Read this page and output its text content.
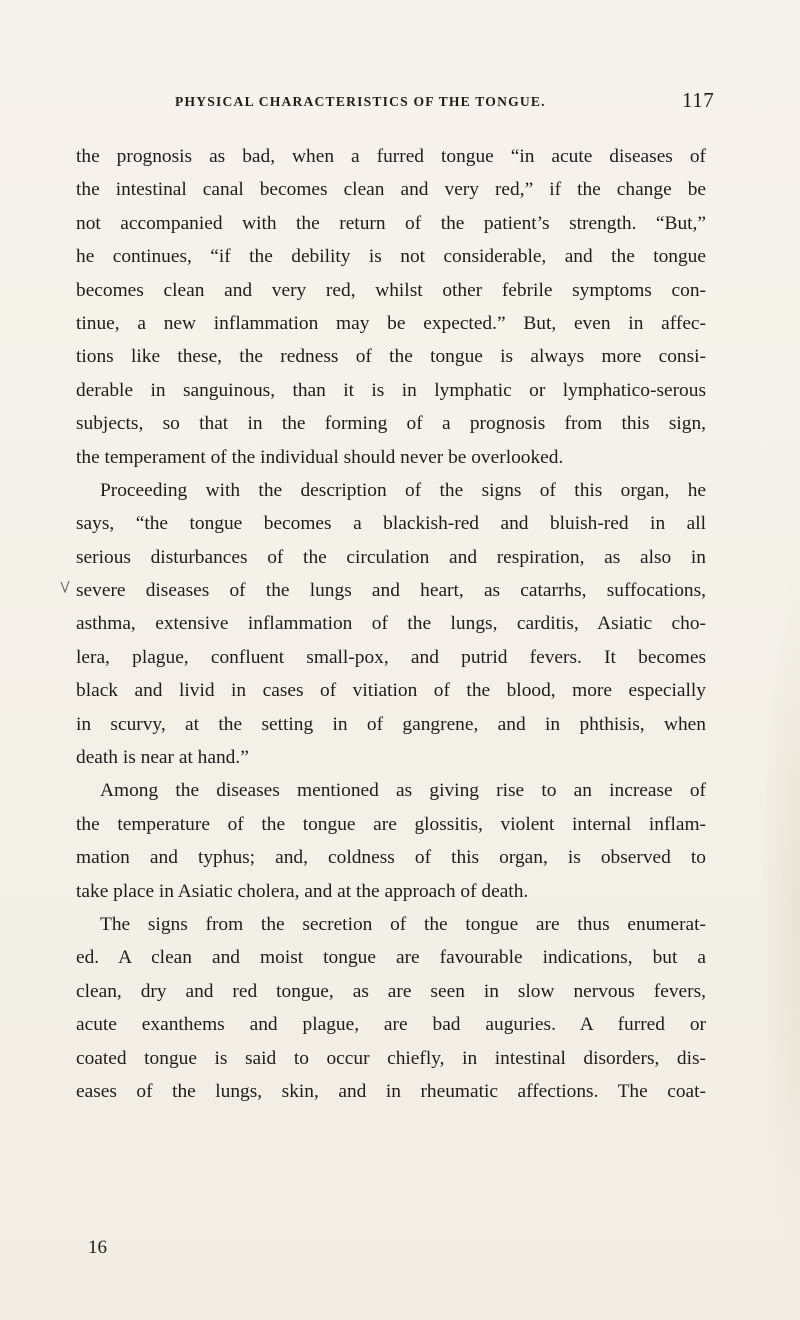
PHYSICAL CHARACTERISTICS OF THE TONGUE.	117
the prognosis as bad, when a furred tongue “in acute diseases of
the intestinal canal becomes clean and very red,” if the change be
not accompanied with the return of the patient’s strength. “But,”
he continues, “if the debility is not considerable, and the tongue
becomes clean and very red, whilst other febrile symptoms con-
tinue, a new inflammation may be expected.” But, even in affec-
tions like these, the redness of the tongue is always more consi-
derable in sanguinous, than it is in lymphatic or lymphatico-serous
subjects, so that in the forming of a prognosis from this sign,
the temperament of the individual should never be overlooked.
Proceeding with the description of the signs of this organ, he
says, “the tongue becomes a blackish-red and bluish-red in all
serious disturbances of the circulation and respiration, as also in
severe diseases of the lungs and heart, as catarrhs, suffocations,
asthma, extensive inflammation of the lungs, carditis, Asiatic cho-
lera, plague, confluent small-pox, and putrid fevers. It becomes
black and livid in cases of vitiation of the blood, more especially
in scurvy, at the setting in of gangrene, and in phthisis, when
death is near at hand.”
Among the diseases mentioned as giving rise to an increase of
the temperature of the tongue are glossitis, violent internal inflam-
mation and typhus; and, coldness of this organ, is observed to
take place in Asiatic cholera, and at the approach of death.
The signs from the secretion of the tongue are thus enumerat-
ed. A clean and moist tongue are favourable indications, but a
clean, dry and red tongue, as are seen in slow nervous fevers,
acute exanthems and plague, are bad auguries. A furred or
coated tongue is said to occur chiefly, in intestinal disorders, dis-
eases of the lungs, skin, and in rheumatic affections. The coat-
16
